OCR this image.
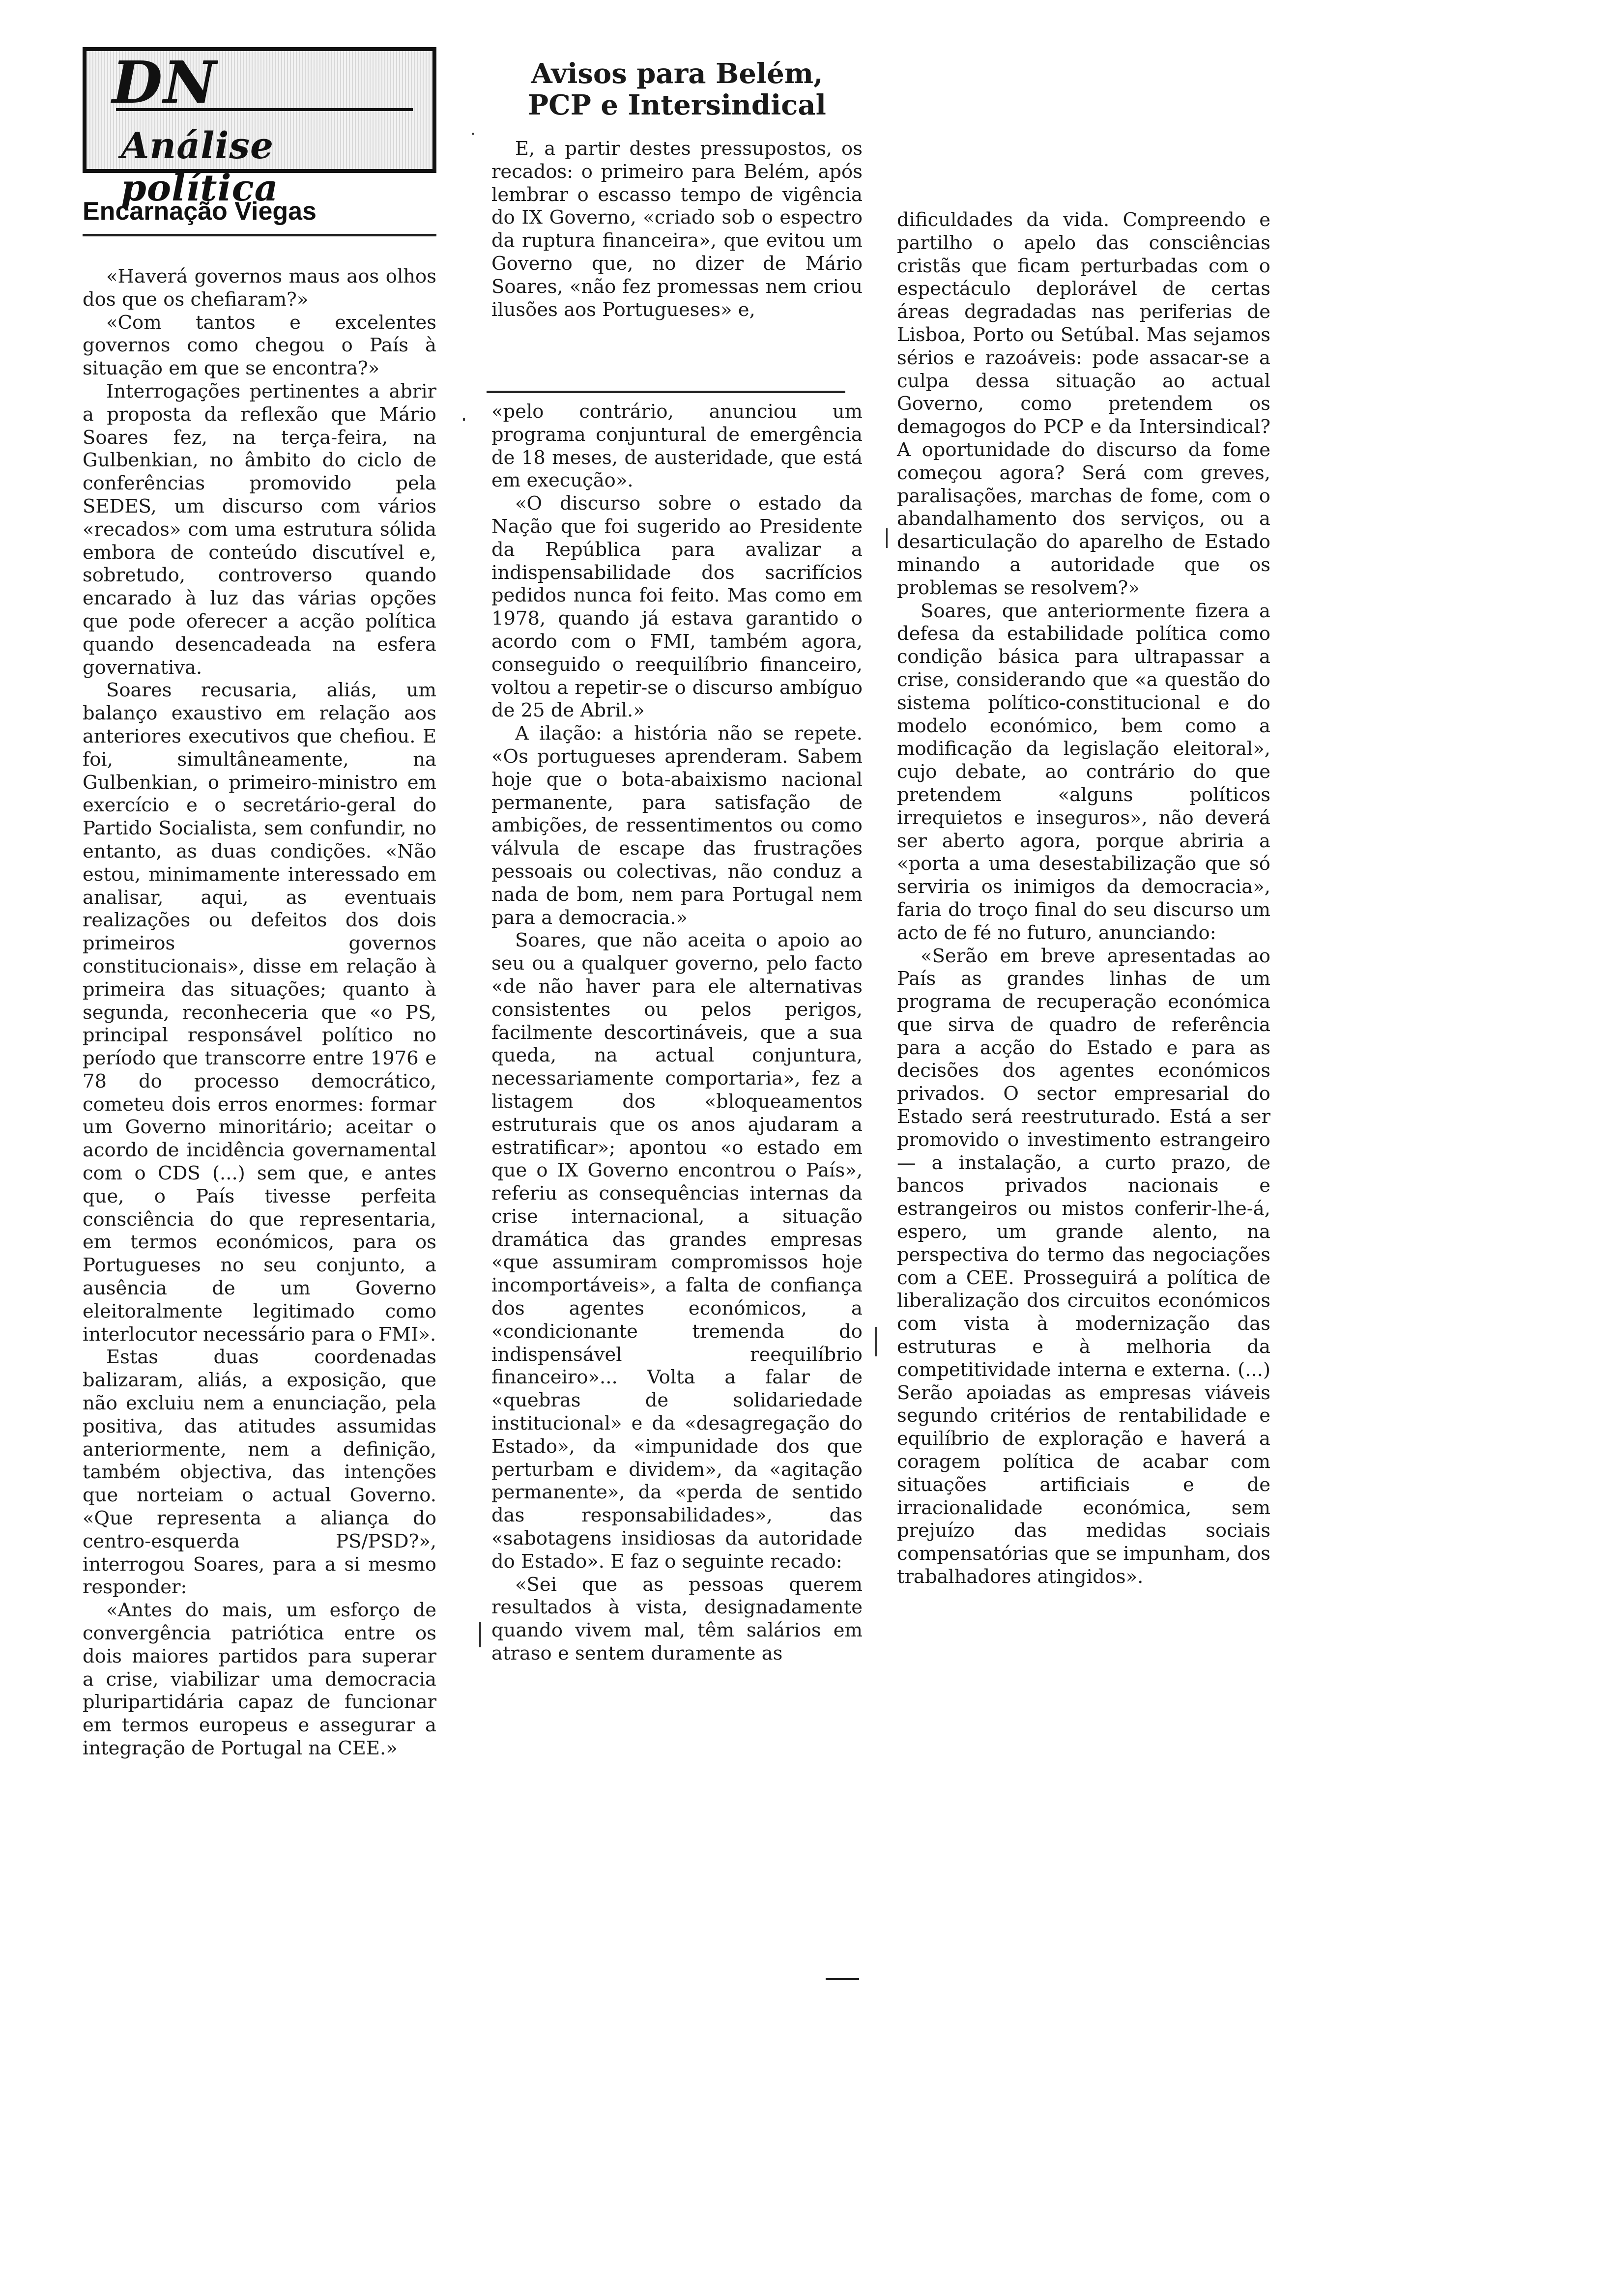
DN
Análise política
Encarnação Viegas

«Haverá governos maus aos olhos dos que os chefiaram?»

«Com tantos e excelentes governos como chegou o País à situação em que se encontra?»

Interrogações pertinentes a abrir a proposta da reflexão que Mário Soares fez, na terça-feira, na Gulbenkian, no âmbito do ciclo de conferências promovido pela SEDES, um discurso com vários «recados» com uma estrutura sólida embora de conteúdo discutível e, sobretudo, controverso quando encarado à luz das várias opções que pode oferecer a acção política quando desencadeada na esfera governativa.

Soares recusaria, aliás, um balanço exaustivo em relação aos anteriores executivos que chefiou. E foi, simultâneamente, na Gulbenkian, o primeiro-ministro em exercício e o secretário-geral do Partido Socialista, sem confundir, no entanto, as duas condições. «Não estou, minimamente interessado em analisar, aqui, as eventuais realizações ou defeitos dos dois primeiros governos constitucionais», disse em relação à primeira das situações; quanto à segunda, reconheceria que «o PS, principal responsável político no período que transcorre entre 1976 e 78 do processo democrático, cometeu dois erros enormes: formar um Governo minoritário; aceitar o acordo de incidência governamental com o CDS (...) sem que, e antes que, o País tivesse perfeita consciência do que representaria, em termos económicos, para os Portugueses no seu conjunto, a ausência de um Governo eleitoralmente legitimado como interlocutor necessário para o FMI».

Estas duas coordenadas balizaram, aliás, a exposição, que não excluiu nem a enunciação, pela positiva, das atitudes assumidas anteriormente, nem a definição, também objectiva, das intenções que norteiam o actual Governo. «Que representa a aliança do centro-esquerda PS/PSD?», interrogou Soares, para a si mesmo responder:

«Antes do mais, um esforço de convergência patriótica entre os dois maiores partidos para superar a crise, viabilizar uma democracia pluripartidária capaz de funcionar em termos europeus e assegurar a integração de Portugal na CEE.»

Avisos para Belém,
PCP e Intersindical

E, a partir destes pressupostos, os recados: o primeiro para Belém, após lembrar o escasso tempo de vigência do IX Governo, «criado sob o espectro da ruptura financeira», que evitou um Governo que, no dizer de Mário Soares, «não fez promessas nem criou ilusões aos Portugueses» e,

«pelo contrário, anunciou um programa conjuntural de emergência de 18 meses, de austeridade, que está em execução».

«O discurso sobre o estado da Nação que foi sugerido ao Presidente da República para avalizar a indispensabilidade dos sacrifícios pedidos nunca foi feito. Mas como em 1978, quando já estava garantido o acordo com o FMI, também agora, conseguido o reequilíbrio financeiro, voltou a repetir-se o discurso ambíguo de 25 de Abril.»

A ilação: a história não se repete. «Os portugueses aprenderam. Sabem hoje que o bota-abaixismo nacional permanente, para satisfação de ambições, de ressentimentos ou como válvula de escape das frustrações pessoais ou colectivas, não conduz a nada de bom, nem para Portugal nem para a democracia.»

Soares, que não aceita o apoio ao seu ou a qualquer governo, pelo facto «de não haver para ele alternativas consistentes ou pelos perigos, facilmente descortináveis, que a sua queda, na actual conjuntura, necessariamente comportaria», fez a listagem dos «bloqueamentos estruturais que os anos ajudaram a estratificar»; apontou «o estado em que o IX Governo encontrou o País», referiu as consequências internas da crise internacional, a situação dramática das grandes empresas «que assumiram compromissos hoje incomportáveis», a falta de confiança dos agentes económicos, a «condicionante tremenda do indispensável reequilíbrio financeiro»... Volta a falar de «quebras de solidariedade institucional» e da «desagregação do Estado», da «impunidade dos que perturbam e dividem», da «agitação permanente», da «perda de sentido das responsabilidades», das «sabotagens insidiosas da autoridade do Estado». E faz o seguinte recado:

«Sei que as pessoas querem resultados à vista, designadamente quando vivem mal, têm salários em atraso e sentem duramente as

dificuldades da vida. Compreendo e partilho o apelo das consciências cristãs que ficam perturbadas com o espectáculo deplorável de certas áreas degradadas nas periferias de Lisboa, Porto ou Setúbal. Mas sejamos sérios e razoáveis: pode assacar-se a culpa dessa situação ao actual Governo, como pretendem os demagogos do PCP e da Intersindical? A oportunidade do discurso da fome começou agora? Será com greves, paralisações, marchas de fome, com o abandalhamento dos serviços, ou a desarticulação do aparelho de Estado minando a autoridade que os problemas se resolvem?»

Soares, que anteriormente fizera a defesa da estabilidade política como condição básica para ultrapassar a crise, considerando que «a questão do sistema político-constitucional e do modelo económico, bem como a modificação da legislação eleitoral», cujo debate, ao contrário do que pretendem «alguns políticos irrequietos e inseguros», não deverá ser aberto agora, porque abriria a «porta a uma desestabilização que só serviria os inimigos da democracia», faria do troço final do seu discurso um acto de fé no futuro, anunciando:

«Serão em breve apresentadas ao País as grandes linhas de um programa de recuperação económica que sirva de quadro de referência para a acção do Estado e para as decisões dos agentes económicos privados. O sector empresarial do Estado será reestruturado. Está a ser promovido o investimento estrangeiro — a instalação, a curto prazo, de bancos privados nacionais e estrangeiros ou mistos conferir-lhe-á, espero, um grande alento, na perspectiva do termo das negociações com a CEE. Prosseguirá a política de liberalização dos circuitos económicos com vista à modernização das estruturas e à melhoria da competitividade interna e externa. (...) Serão apoiadas as empresas viáveis segundo critérios de rentabilidade e equilíbrio de exploração e haverá a coragem política de acabar com situações artificiais e de irracionalidade económica, sem prejuízo das medidas sociais compensatórias que se impunham, dos trabalhadores atingidos».
